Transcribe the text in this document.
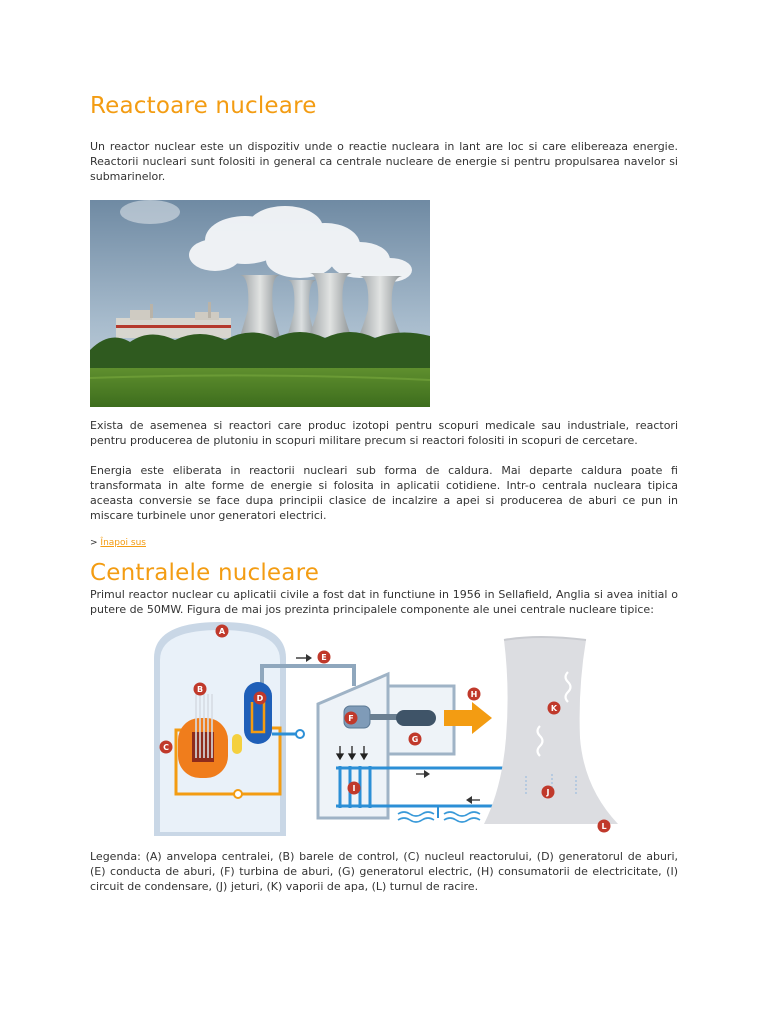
Reactoare nucleare

Un reactor nuclear este un dispozitiv unde o reactie nucleara in lant are loc si care elibereaza energie. Reactorii nucleari sunt folositi in general ca centrale nucleare de energie si pentru propulsarea navelor si submarinelor.

Exista de asemenea si reactori care produc izotopi pentru scopuri medicale sau industriale, reactori pentru producerea de plutoniu in scopuri militare precum si reactori folositi in scopuri de cercetare.

Energia este eliberata in reactorii nucleari sub forma de caldura. Mai departe caldura poate fi transformata in alte forme de energie si folosita in aplicatii cotidiene. Intr-o centrala nucleara tipica aceasta conversie se face dupa principii clasice de incalzire a apei si producerea de aburi ce pun in miscare turbinele unor generatori electrici.

> Înapoi sus
Centralele nucleare

Primul reactor nuclear cu aplicatii civile a fost dat in functiune in 1956 in Sellafield, Anglia si avea initial o putere de 50MW. Figura de mai jos prezinta principalele componente ale unei centrale nucleare tipice:

A
B
C
D
E
F
G
H
I	J
K
L

Legenda: (A) anvelopa centralei, (B) barele de control, (C) nucleul reactorului, (D) generatorul de aburi, (E) conducta de aburi, (F) turbina de aburi, (G) generatorul electric, (H) consumatorii de electricitate, (I) circuit de condensare, (J) jeturi, (K) vaporii de apa, (L) turnul de racire.
